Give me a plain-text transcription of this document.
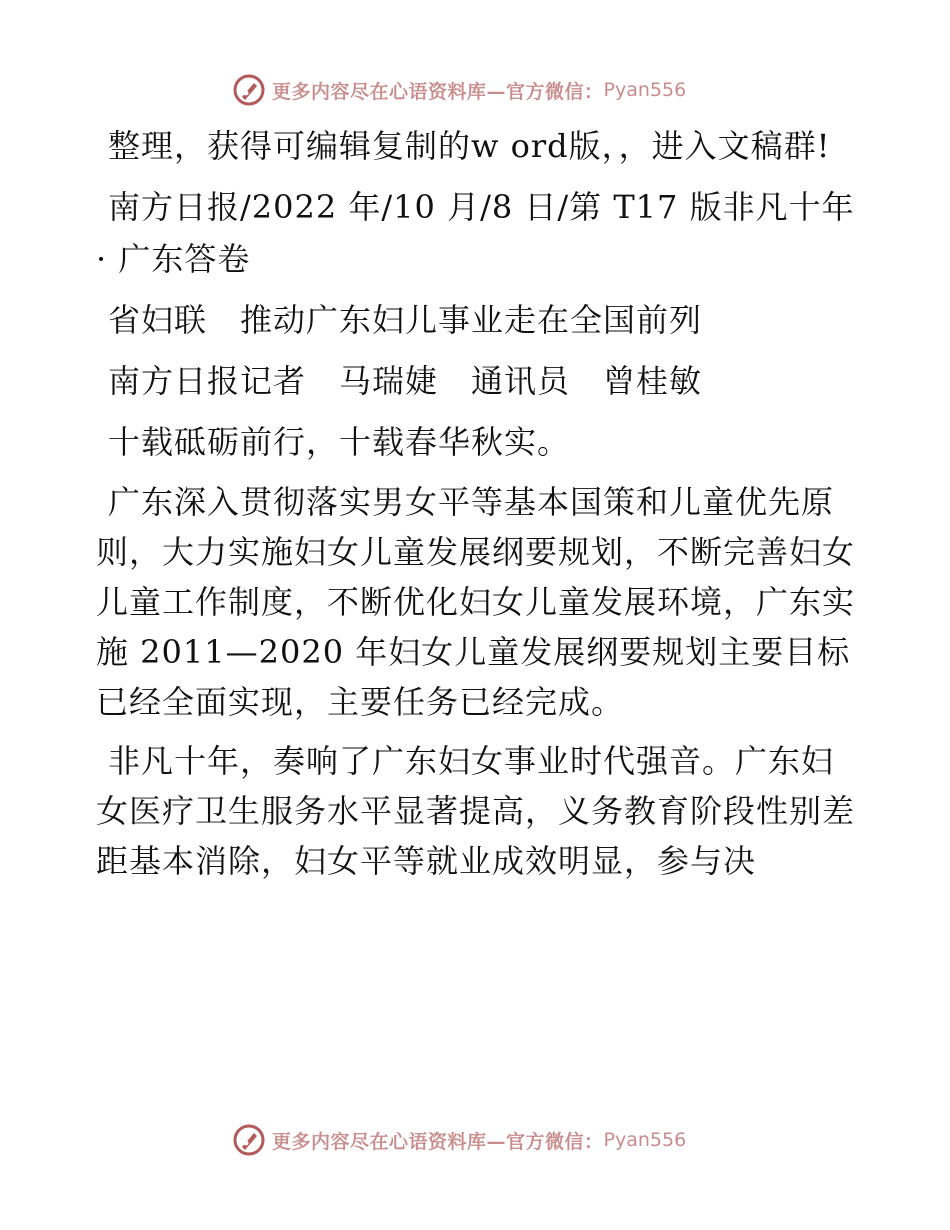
更多内容尽在心语资料库—官方微信： Pyan556

整理，获得可编辑复制的w ord版，，进入文稿群!

南方日报/2022 年/10 月/8 日/第 T17 版非凡十年· 广东答卷

省妇联　推动广东妇儿事业走在全国前列

南方日报记者　马瑞婕　通讯员　曾桂敏

十载砥砺前行，十载春华秋实。

广东深入贯彻落实男女平等基本国策和儿童优先原则，大力实施妇女儿童发展纲要规划，不断完善妇女儿童工作制度，不断优化妇女儿童发展环境，广东实施 2011—2020 年妇女儿童发展纲要规划主要目标已经全面实现，主要任务已经完成。

非凡十年，奏响了广东妇女事业时代强音。广东妇女医疗卫生服务水平显著提高，义务教育阶段性别差距基本消除，妇女平等就业成效明显，参与决

更多内容尽在心语资料库—官方微信： Pyan556
